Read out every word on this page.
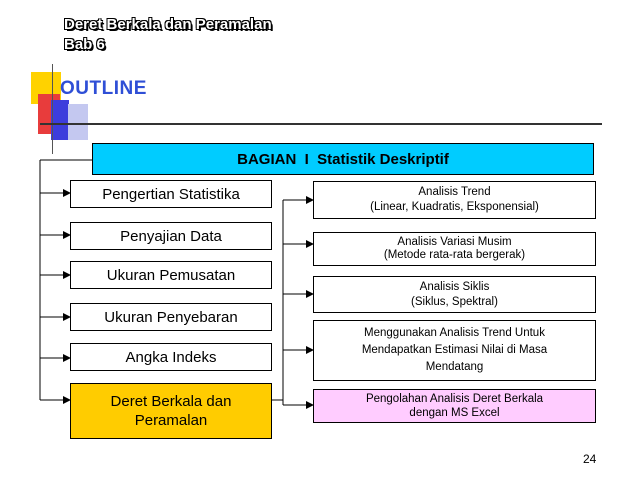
Deret Berkala dan Peramalan
Bab 6
OUTLINE
BAGIAN  I  Statistik Deskriptif
Pengertian Statistika
Penyajian Data
Ukuran Pemusatan
Ukuran Penyebaran
Angka Indeks
Deret Berkala dan Peramalan
Analisis Trend
(Linear, Kuadratis, Eksponensial)
Analisis Variasi Musim
(Metode rata-rata bergerak)
Analisis Siklis
(Siklus, Spektral)
Menggunakan Analisis Trend Untuk
Mendapatkan Estimasi Nilai di Masa
Mendatang
Pengolahan Analisis Deret Berkala
dengan MS Excel
24
